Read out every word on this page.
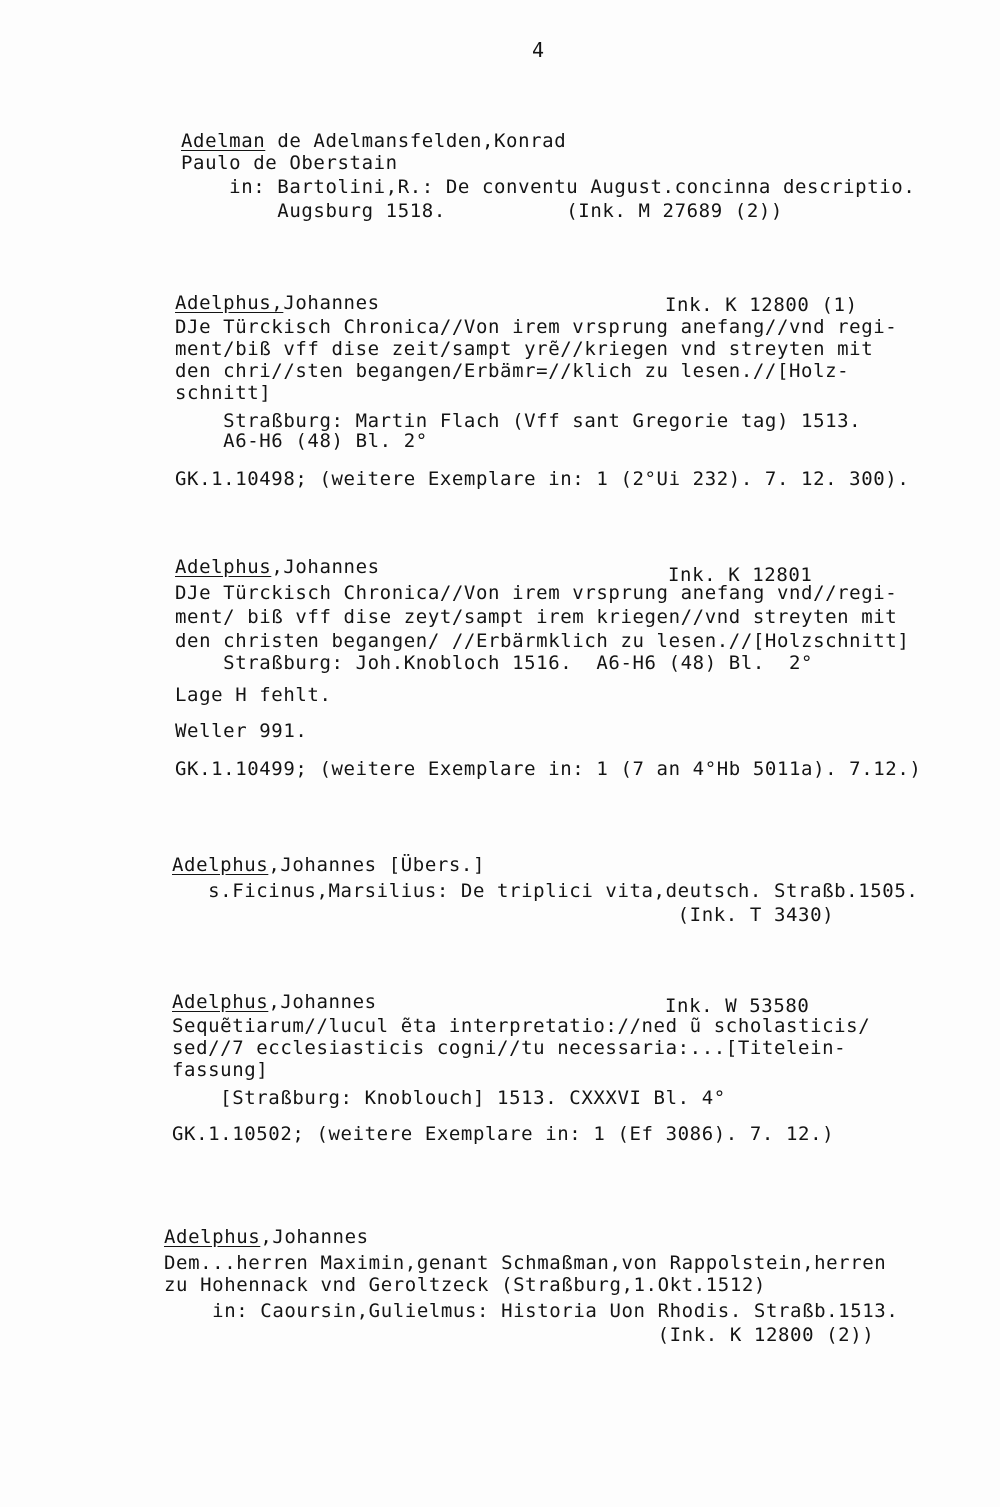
4
Adelman de Adelmansfelden,Konrad
Paulo de Oberstain
in: Bartolini,R.: De conventu August.concinna descriptio.
Augsburg 1518.          (Ink. M 27689 (2))
Adelphus,Johannes	Ink. K 12800 (1)
DJe Türckisch Chronica//Von irem vrsprung anefang//vnd regi-
ment/biß vff dise zeit/sampt yrẽ//kriegen vnd streyten mit
den chri//sten begangen/Erbämr=//klich zu lesen.//[Holz-
schnitt]
Straßburg: Martin Flach (Vff sant Gregorie tag) 1513.
A6-H6 (48) Bl. 2°
GK.1.10498; (weitere Exemplare in: 1 (2°Ui 232). 7. 12. 300).
Adelphus,Johannes	Ink. K 12801
DJe Türckisch Chronica//Von irem vrsprung anefang vnd//regi-
ment/ biß vff dise zeyt/sampt irem kriegen//vnd streyten mit
den christen begangen/ //Erbärmklich zu lesen.//[Holzschnitt]
Straßburg: Joh.Knobloch 1516.  A6-H6 (48) Bl.  2°
Lage H fehlt.
Weller 991.
GK.1.10499; (weitere Exemplare in: 1 (7 an 4°Hb 5011a). 7.12.)
Adelphus,Johannes [Übers.]
s.Ficinus,Marsilius: De triplici vita,deutsch. Straßb.1505.
(Ink. T 3430)
Adelphus,Johannes	Ink. W 53580
Sequẽtiarum//lucul ẽta interpretatio://ned ũ scholasticis/
sed//7 ecclesiasticis cogni//tu necessaria:...[Titelein-
fassung]
[Straßburg: Knoblouch] 1513. CXXXVI Bl. 4°
GK.1.10502; (weitere Exemplare in: 1 (Ef 3086). 7. 12.)
Adelphus,Johannes
Dem...herren Maximin,genant Schmaßman,von Rappolstein,herren
zu Hohennack vnd Geroltzeck (Straßburg,1.Okt.1512)
in: Caoursin,Gulielmus: Historia Uon Rhodis. Straßb.1513.
(Ink. K 12800 (2))
